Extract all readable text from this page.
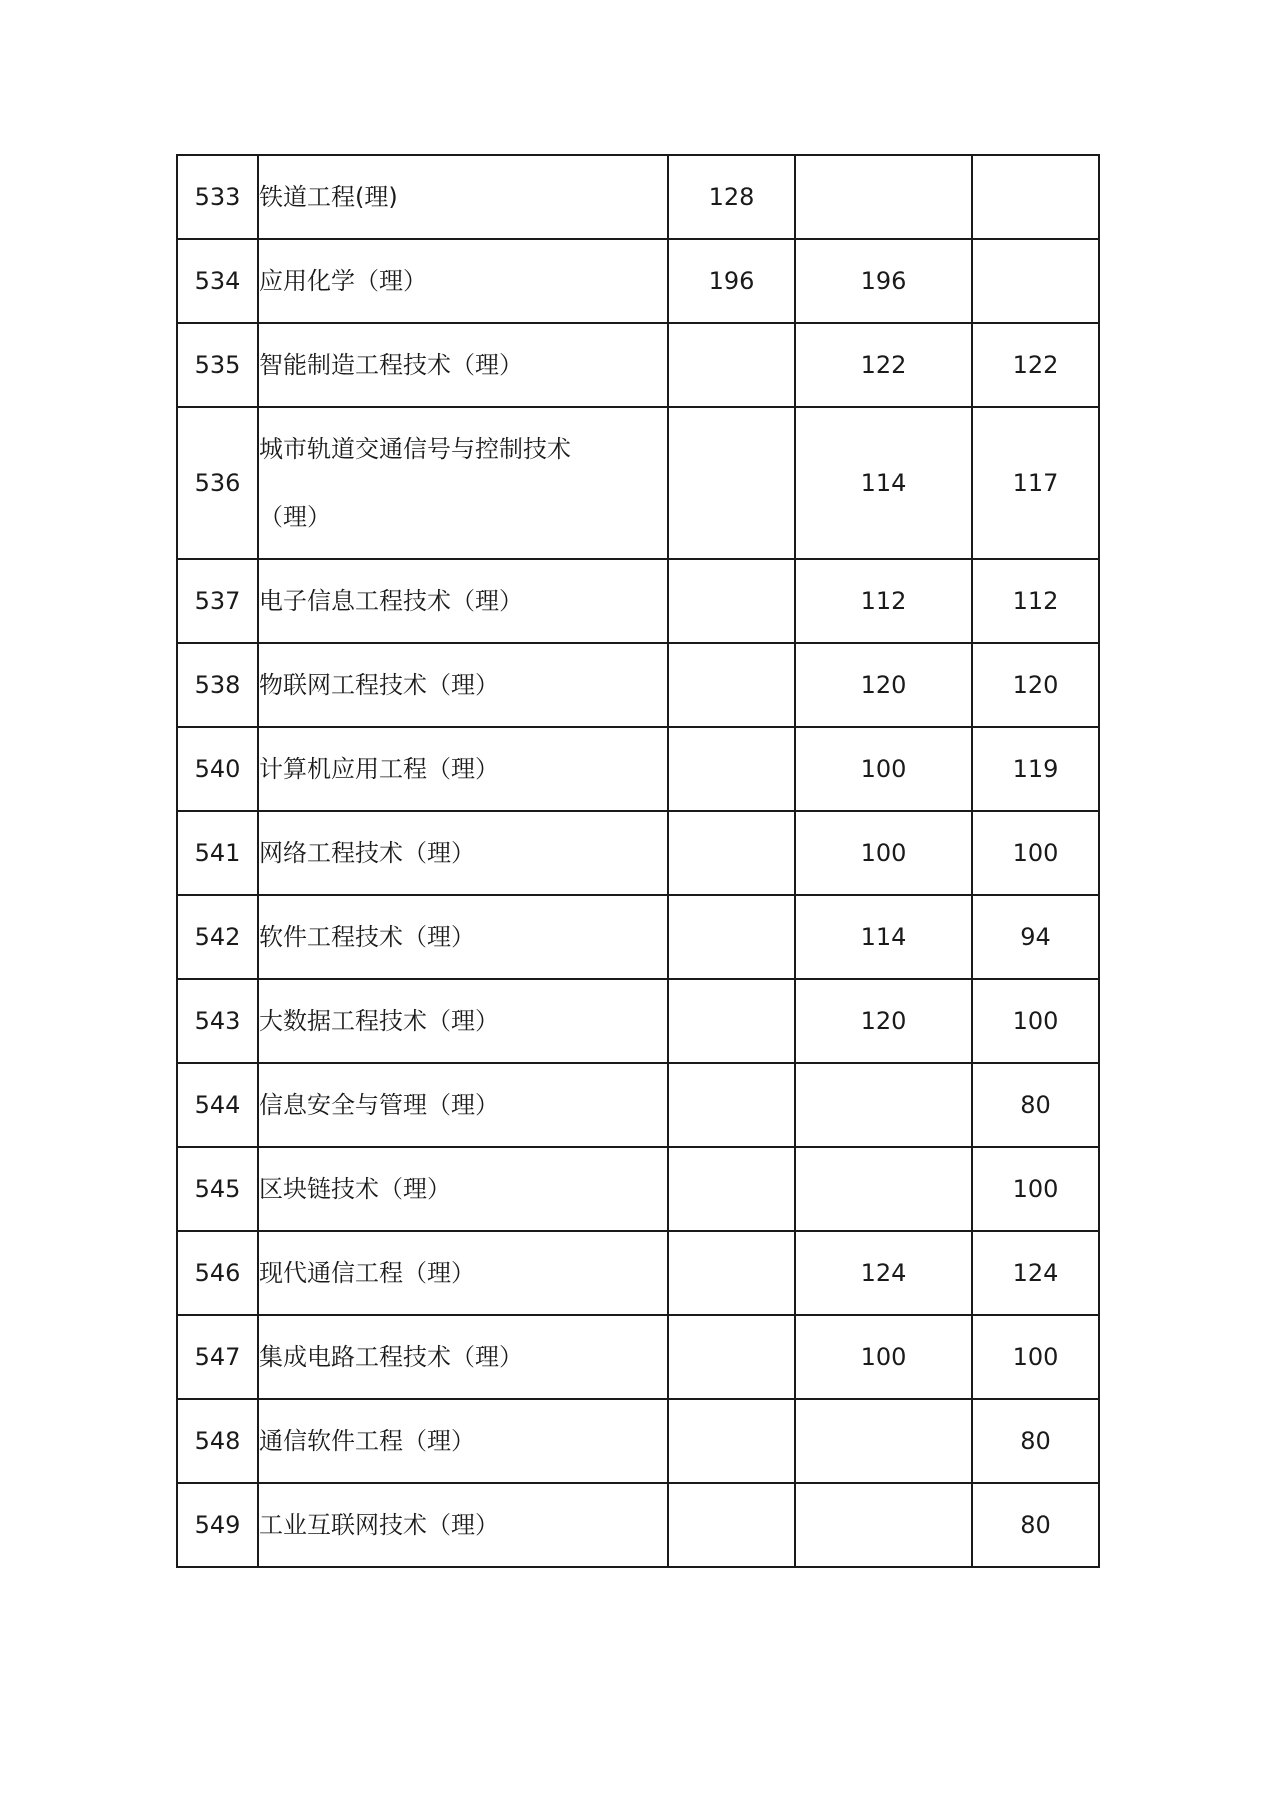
533	铁道工程(理)	128		
534	应用化学（理）	196	196	
535	智能制造工程技术（理）		122	122
536	城市轨道交通信号与控制技术
（理）		114	117
537	电子信息工程技术（理）		112	112
538	物联网工程技术（理）		120	120
540	计算机应用工程（理）		100	119
541	网络工程技术（理）		100	100
542	软件工程技术（理）		114	94
543	大数据工程技术（理）		120	100
544	信息安全与管理（理）			80
545	区块链技术（理）			100
546	现代通信工程（理）		124	124
547	集成电路工程技术（理）		100	100
548	通信软件工程（理）			80
549	工业互联网技术（理）			80
